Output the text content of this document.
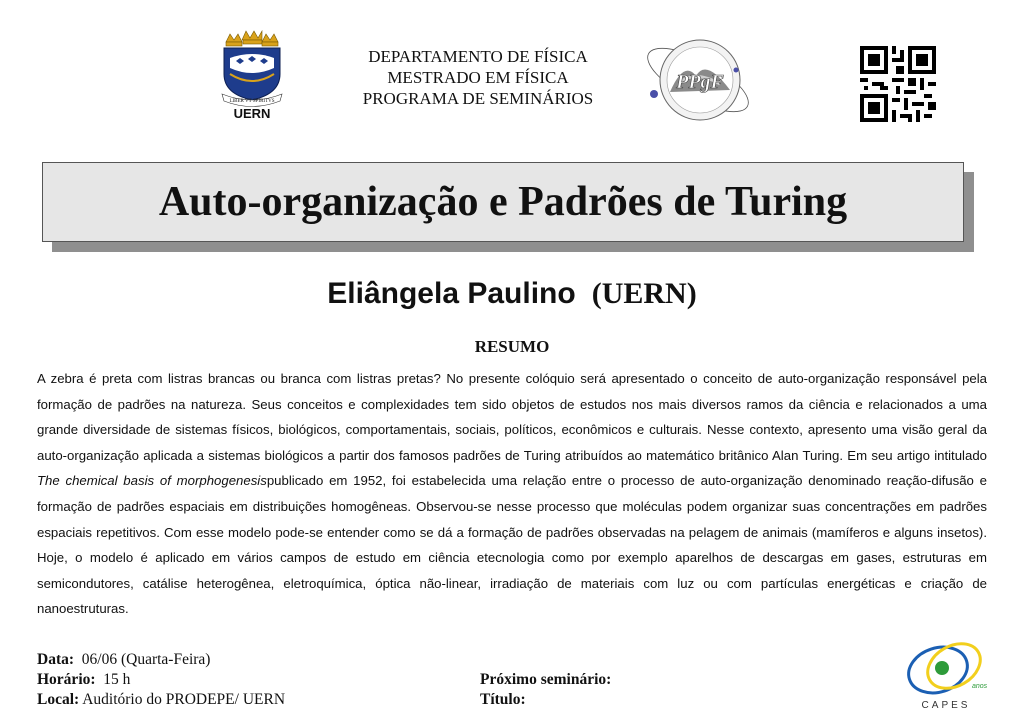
LIBER VT SPIRITVS
UERN
DEPARTAMENTO DE FÍSICA
MESTRADO EM FÍSICA
PROGRAMA DE SEMINÁRIOS
PPgF
Auto-organização e Padrões de Turing
Eliângela Paulino (UERN)
RESUMO

A zebra é preta com listras brancas ou branca com listras pretas? No presente colóquio será apresentado o conceito de auto-organização responsável pela formação de padrões na natureza. Seus conceitos e complexidades tem sido objetos de estudos nos mais diversos ramos da ciência e relacionados a uma grande diversidade de sistemas físicos, biológicos, comportamentais, sociais, políticos, econômicos e culturais. Nesse contexto, apresento uma visão geral da auto-organização aplicada a sistemas biológicos a partir dos famosos padrões de Turing atribuídos ao matemático britânico Alan Turing. Em seu artigo intitulado The chemical basis of morphogenesispublicado em 1952, foi estabelecida uma relação entre o processo de auto-organização denominado reação-difusão e formação de padrões espaciais em distribuições homogêneas. Observou-se nesse processo que moléculas podem organizar suas concentrações em padrões espaciais repetitivos. Com esse modelo pode-se entender como se dá a formação de padrões observadas na pelagem de animais (mamíferos e alguns insetos). Hoje, o modelo é aplicado em vários campos de estudo em ciência etecnologia como por exemplo aparelhos de descargas em gases, estruturas em semicondutores, catálise heterogênea, eletroquímica, óptica não-linear, irradiação de materiais com luz ou com partículas energéticas e criação de nanoestruturas.

Data: 06/06 (Quarta-Feira)
Horário: 15 h
Local: Auditório do PRODEPE/ UERN
Próximo seminário:
Título:
anos
CAPES
